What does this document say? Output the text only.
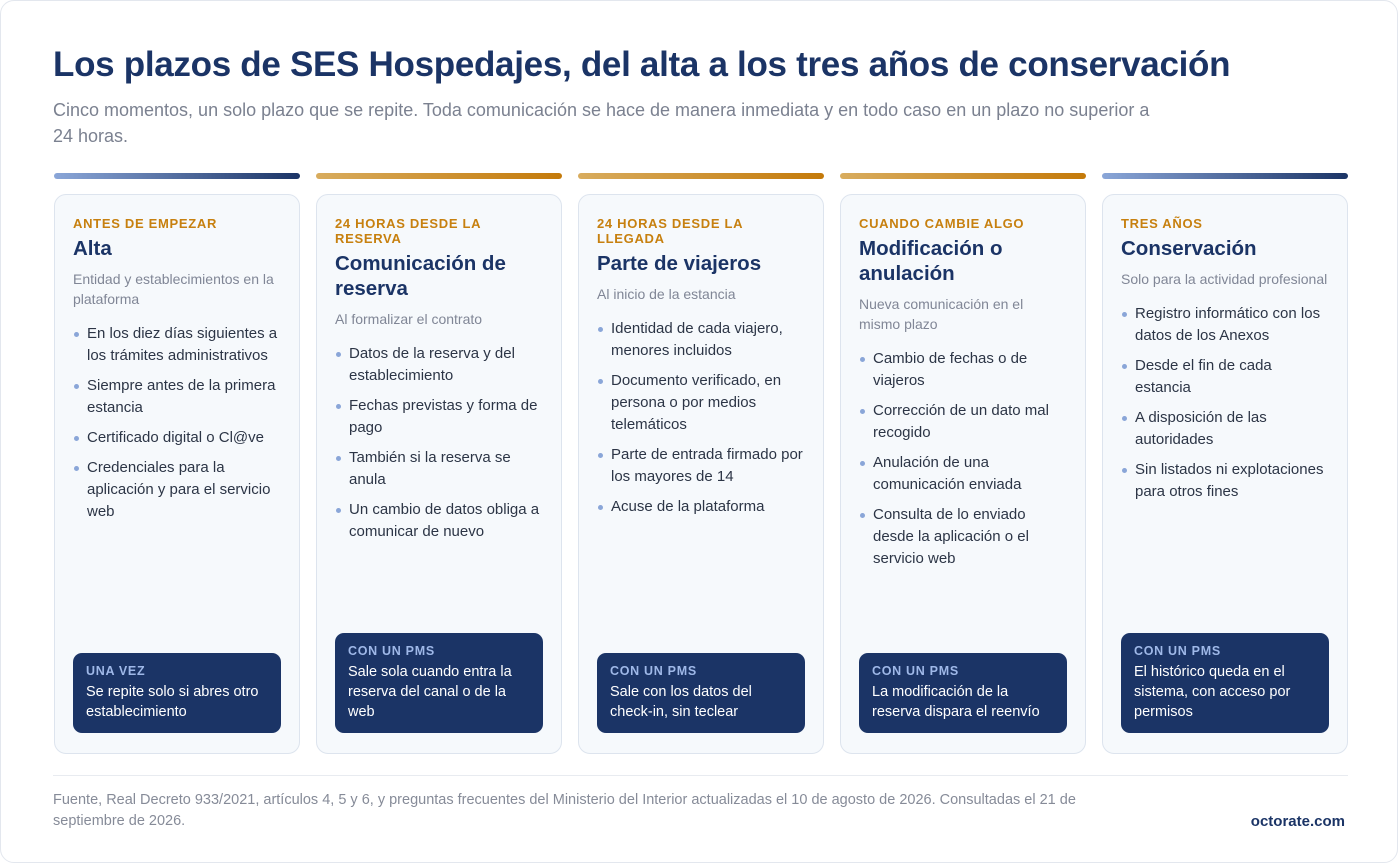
Los plazos de SES Hospedajes, del alta a los tres años de conservación

Cinco momentos, un solo plazo que se repite. Toda comunicación se hace de manera inmediata y en todo caso en un plazo no superior a 24 horas.

ANTES DE EMPEZAR
Alta
Entidad y establecimientos en la plataforma
En los diez días siguientes a los trámites administrativos
Siempre antes de la primera estancia
Certificado digital o Cl@ve
Credenciales para la aplicación y para el servicio web
UNA VEZ
Se repite solo si abres otro establecimiento
24 HORAS DESDE LA RESERVA
Comunicación de reserva
Al formalizar el contrato
Datos de la reserva y del establecimiento
Fechas previstas y forma de pago
También si la reserva se anula
Un cambio de datos obliga a comunicar de nuevo
CON UN PMS
Sale sola cuando entra la reserva del canal o de la web
24 HORAS DESDE LA LLEGADA
Parte de viajeros
Al inicio de la estancia
Identidad de cada viajero, menores incluidos
Documento verificado, en persona o por medios telemáticos
Parte de entrada firmado por los mayores de 14
Acuse de la plataforma
CON UN PMS
Sale con los datos del check-in, sin teclear
CUANDO CAMBIE ALGO
Modificación o anulación
Nueva comunicación en el mismo plazo
Cambio de fechas o de viajeros
Corrección de un dato mal recogido
Anulación de una comunicación enviada
Consulta de lo enviado desde la aplicación o el servicio web
CON UN PMS
La modificación de la reserva dispara el reenvío
TRES AÑOS
Conservación
Solo para la actividad profesional
Registro informático con los datos de los Anexos
Desde el fin de cada estancia
A disposición de las autoridades
Sin listados ni explotaciones para otros fines
CON UN PMS
El histórico queda en el sistema, con acceso por permisos

Fuente, Real Decreto 933/2021, artículos 4, 5 y 6, y preguntas frecuentes del Ministerio del Interior actualizadas el 10 de agosto de 2026. Consultadas el 21 de septiembre de 2026.	octorate.com
